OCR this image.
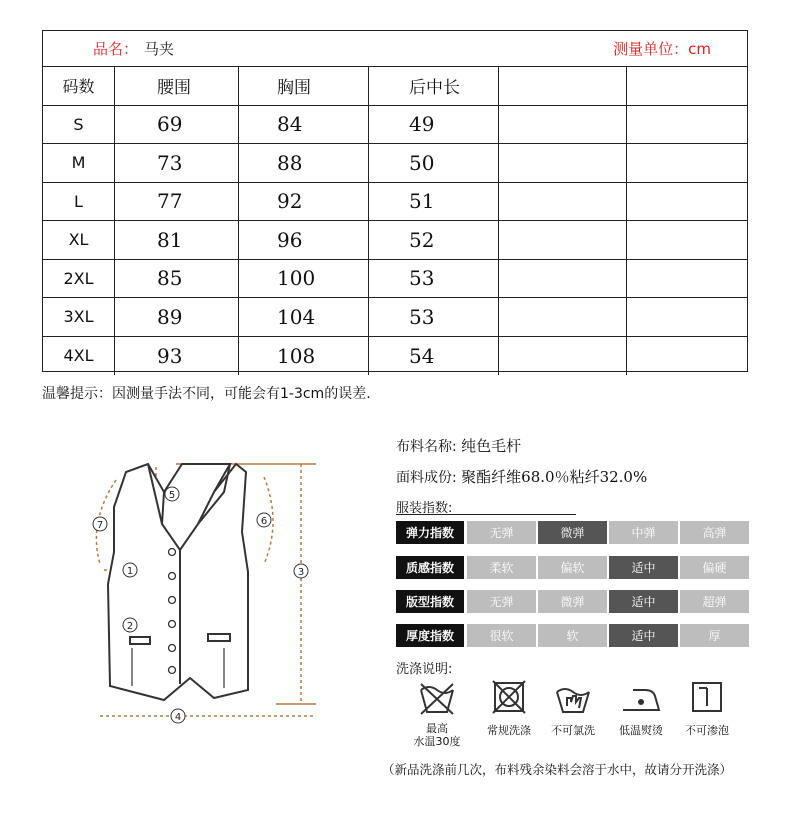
品名： 马夹	测量单位：cm
码数	腰围	胸围	后中长
S	69	84	49
M	73	88	50
L	77	92	51
XL	81	96	52
2XL	85	100	53
3XL	89	104	53
4XL	93	108	54
温馨提示：因测量手法不同，可能会有1-3cm的误差.
1
2
3
4
5
6
7
布料名称: 纯色毛杆
面料成份: 聚酯纤维68.0％粘纤32.0%
服装指数:
弹力指数	无弹	微弹	中弹	高弹
质感指数	柔软	偏软	适中	偏硬
版型指数	无弹	微弹	适中	超弹
厚度指数	很软	软	适中	厚
洗涤说明:
最高
水温30度
常规洗涤	不可氯洗	低温熨烫	不可渗泡
（新品洗涤前几次，布料残余染料会溶于水中，故请分开洗涤）
